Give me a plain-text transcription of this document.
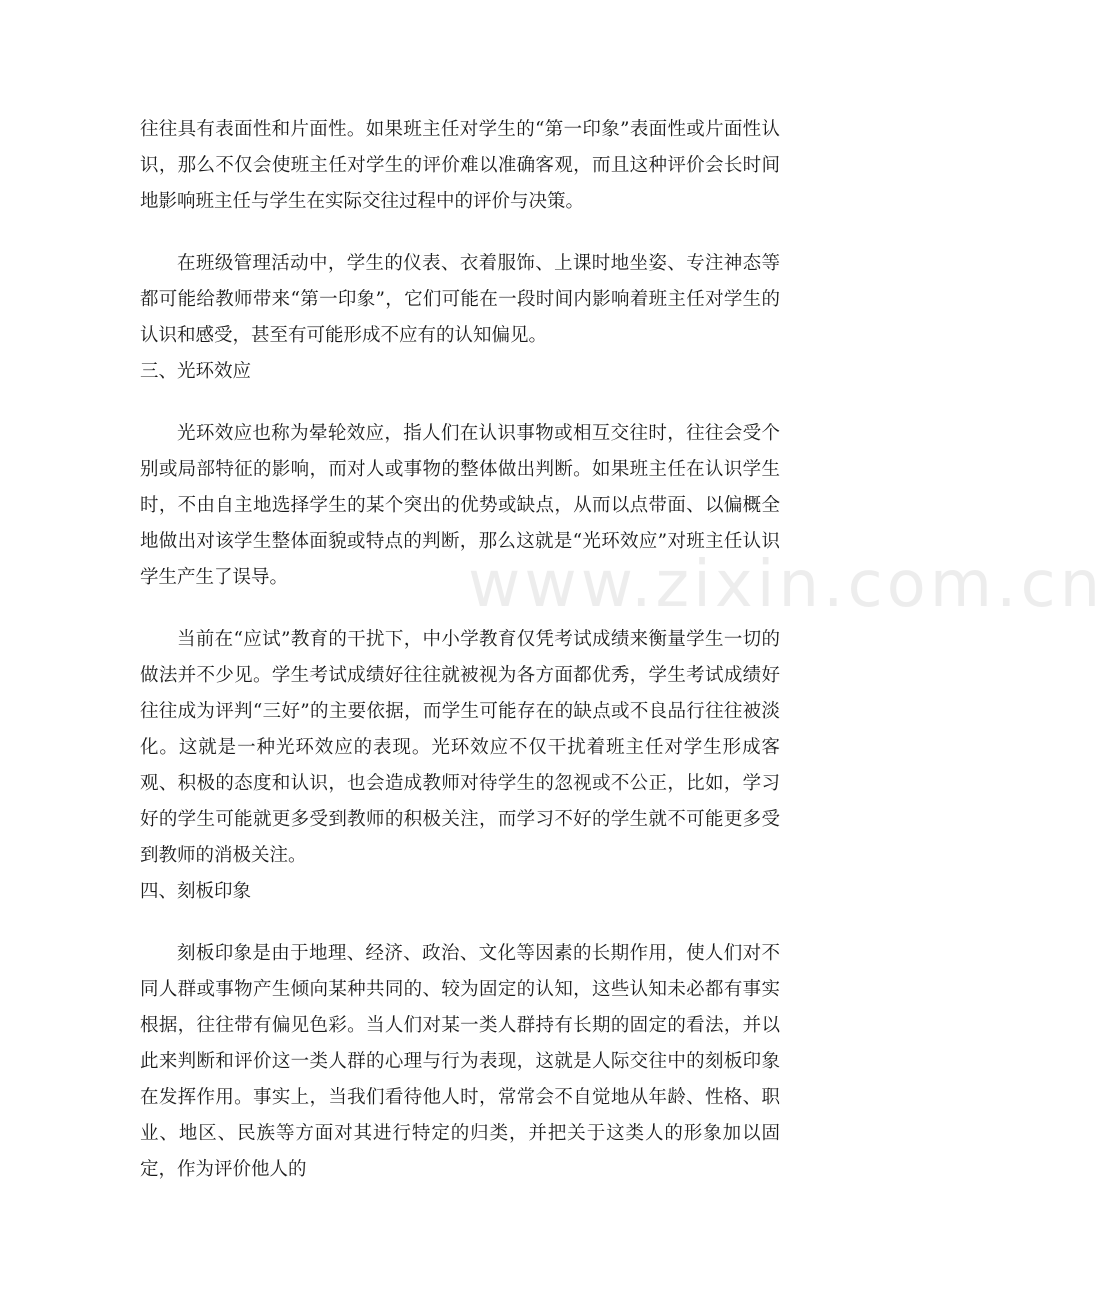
往往具有表面性和片面性。如果班主任对学生的“第一印象”表面性或片面性认识，那么不仅会使班主任对学生的评价难以准确客观，而且这种评价会长时间地影响班主任与学生在实际交往过程中的评价与决策。

在班级管理活动中，学生的仪表、衣着服饰、上课时地坐姿、专注神态等都可能给教师带来“第一印象”，它们可能在一段时间内影响着班主任对学生的认识和感受，甚至有可能形成不应有的认知偏见。

三、光环效应

光环效应也称为晕轮效应，指人们在认识事物或相互交往时，往往会受个别或局部特征的影响，而对人或事物的整体做出判断。如果班主任在认识学生时，不由自主地选择学生的某个突出的优势或缺点，从而以点带面、以偏概全地做出对该学生整体面貌或特点的判断，那么这就是“光环效应”对班主任认识学生产生了误导。

当前在“应试”教育的干扰下，中小学教育仅凭考试成绩来衡量学生一切的做法并不少见。学生考试成绩好往往就被视为各方面都优秀，学生考试成绩好往往成为评判“三好”的主要依据，而学生可能存在的缺点或不良品行往往被淡化。这就是一种光环效应的表现。光环效应不仅干扰着班主任对学生形成客观、积极的态度和认识，也会造成教师对待学生的忽视或不公正，比如，学习好的学生可能就更多受到教师的积极关注，而学习不好的学生就不可能更多受到教师的消极关注。

四、刻板印象

刻板印象是由于地理、经济、政治、文化等因素的长期作用，使人们对不同人群或事物产生倾向某种共同的、较为固定的认知，这些认知未必都有事实根据，往往带有偏见色彩。当人们对某一类人群持有长期的固定的看法，并以此来判断和评价这一类人群的心理与行为表现，这就是人际交往中的刻板印象在发挥作用。事实上，当我们看待他人时，常常会不自觉地从年龄、性格、职业、地区、民族等方面对其进行特定的归类，并把关于这类人的形象加以固定，作为评价他人的

www.zixin.com.cn
